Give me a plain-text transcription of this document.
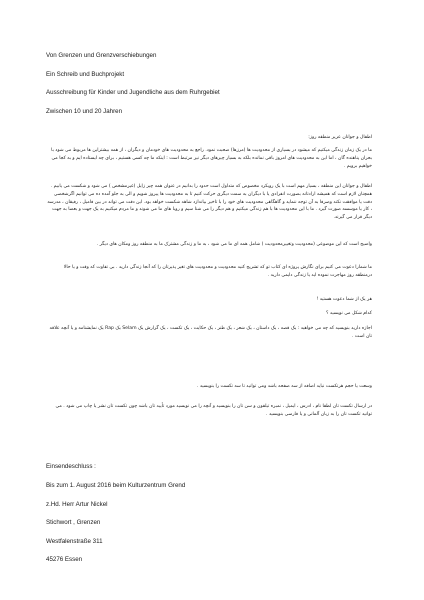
Von Grenzen und Grenzverschiebungen
Ein Schreib und Buchprojekt
Ausschreibung für Kinder und Jugendliche aus dem Ruhrgebiet
Zwischen 10 und 20 Jahren

اطفال و جوانان عزیز منطقه روز:

ما در یک زمان زندگی میکنیم که میشود در بسیاری از محدودیت ها (مرزها) صحبت نمود. راجع به محدودیت های خودمان و دیگران ، از همه بیشتراین ها مربوط می شود با بحران پناهنده گان ، اما این به محدودیت های امروز باقی نمانده بلکه به بسیار چیزهای دیگر نیز مرتبط است : اینکه ما چه کسی هستیم ، برای چه ایستاده ایم و به کجا می خواهیم برویم .

اطفال و جوانان این منطقه ، بسیار مهم است با یک رویکرد مخصوص که متداول است حدود را بدانیم در عنوان همه چیز زایل (غیرمشخص ) می شود و شکست می یابیم . همچنان لازم است که همیشه ارادتانه بصورت انفرادی یا با دیگران به سمت دیگری حرکت کنیم تا به محدودیت ها پیروز شویم و الی به جلو آمده ده می توانیم اگرشخصی دقت یا موافقت نکند وصرفا به آن توجه ننماید و گاهگاهی محدودیت های خود را با تاخیر بیاندازد شاهد شکست خواهد بود. این دقت می تواند در بین فامیل ، رفیقان ، مدرسه ، کار یا موسسه صورت گیرد . ما با این محدودیت ها با هم زندگی میکنیم و هم دیگر را می شنا سیم و روبا های ما می شوند و ما مردم میکنیم به یک جهت و بعضا به جهت دیگر قرار می گیرند.

واضیح است که این موضوعی (محدودیت وتغییرمحدودیت ) شامل همه ای ما می شود ، به ما و زندگی مشترک ما به منطقه روز ومکان های دیگر .

ما شمارا دعوت می کنیم برای نگارش پروژه ای کتاب تو که تشریح کنید محدودیت و محدودیت های تغیر پذیرتان را که آنجا زندگی دارید . بی تفاوت که وقت و یا حالا درمنطقه روز مهاجرت نموده اید یا زندگی دایمی دارید .

هر یک از شما دعوت هستید !

کدام شکل می نویسید ؟

اجازه دارید بنویسید که چه می خواهید : یک قصه ، یک داستان ، یک شعر ، یک طنز ، یک حکایت ، یک تکست ، یک گزارش یک Selam یک Rap یک نمایشنامه و یا آنچه علاقه تان است .

وسعت یا حجم هرتکست نباید اضافه از سه صفحه باشد ومی توانید تا سه تکست را بنویسید .

در ارسال تکست تان لطفا نام ، ادرس ، ایمیل ، نمبره تیلفون و سن تان را بنویسید و آنچه را می نویسید مورد تأیید تان باشد چون تکست تان نشر یا چاپ می شود . می توانید تکست تان را به زبان آلمانی و یا فارسی بنویسید .

Einsendeschluss :
Bis zum 1. August 2016 beim Kulturzentrum Grend
z.Hd. Herr Artur Nickel
Stichwort , Grenzen
Westfalenstraße 311
45276 Essen
